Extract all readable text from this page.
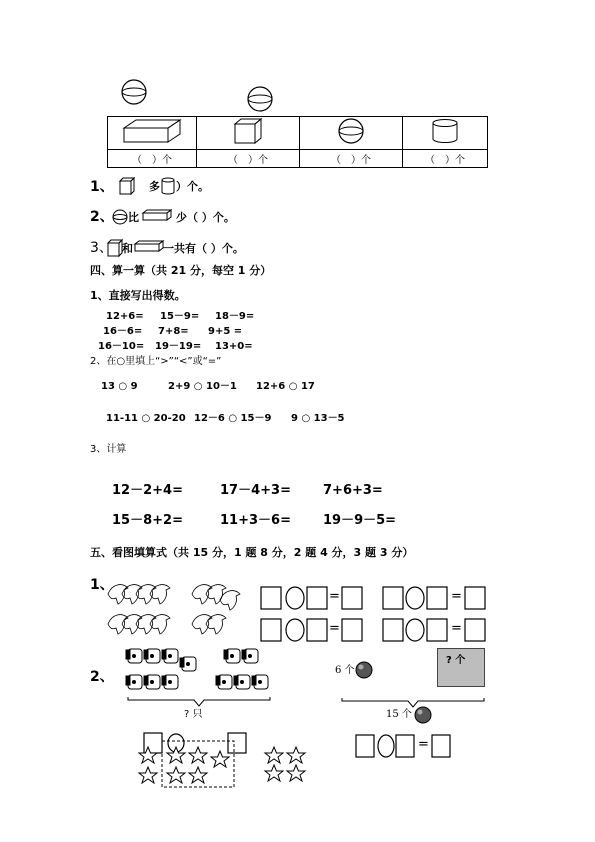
（　）个	（　）个	（　）个	（　）个
1、	多 ）个。
2、 比	少（ ）个。
3、 和	一共有（ ）个。
四、算一算（共 21 分，每空 1 分）
1、直接写出得数。
12+6= 15－9= 18－9=
16－6= 7+8= 9+5 =
16－10= 19－19= 13+0=
2、在○里填上“>”“<”或“=”
13 ○ 9	2+9 ○ 10－1 12+6 ○ 17
11-11 ○ 20-20 12－6 ○ 15－9 9 ○ 13－5
3、计算
12－2+4=	17－4+3= 7+6+3=
15－8+2=	11+3－6= 19－9－5=
五、看图填算式（共 15 分，1 题 8 分，2 题 4 分，3 题 3 分）
1、
=	=
=	=
2、
? 只
6 个
? 个
15 个
=
